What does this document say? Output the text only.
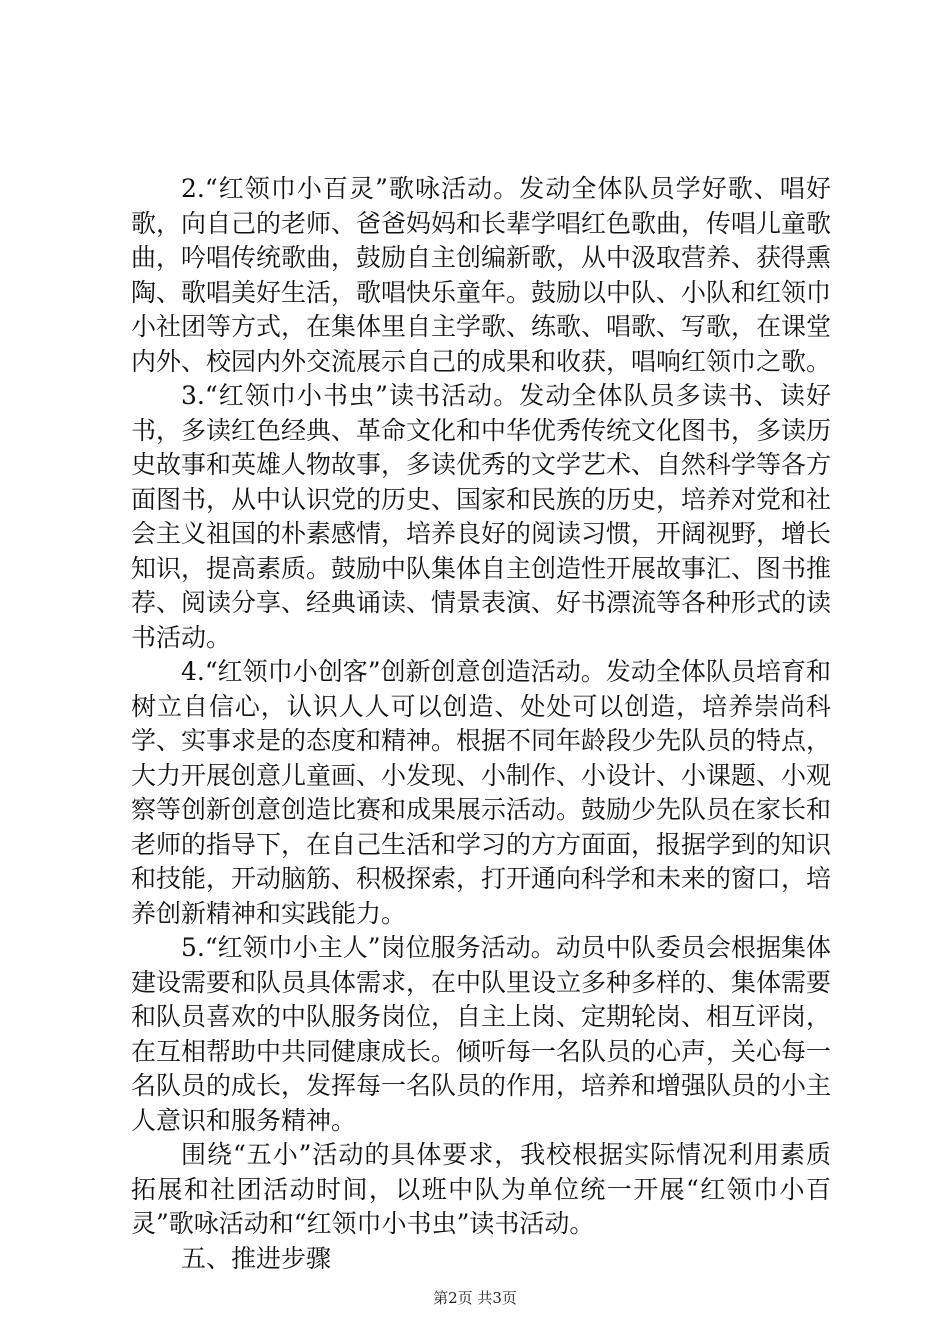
2.“红领巾小百灵”歌咏活动。发动全体队员学好歌、唱好歌，向自己的老师、爸爸妈妈和长辈学唱红色歌曲，传唱儿童歌曲，吟唱传统歌曲，鼓励自主创编新歌，从中汲取营养、获得熏陶、歌唱美好生活，歌唱快乐童年。鼓励以中队、小队和红领巾小社团等方式，在集体里自主学歌、练歌、唱歌、写歌，在课堂内外、校园内外交流展示自己的成果和收获，唱响红领巾之歌。

3.“红领巾小书虫”读书活动。发动全体队员多读书、读好书，多读红色经典、革命文化和中华优秀传统文化图书，多读历史故事和英雄人物故事，多读优秀的文学艺术、自然科学等各方面图书，从中认识党的历史、国家和民族的历史，培养对党和社会主义祖国的朴素感情，培养良好的阅读习惯，开阔视野，增长知识，提高素质。鼓励中队集体自主创造性开展故事汇、图书推荐、阅读分享、经典诵读、情景表演、好书漂流等各种形式的读书活动。

4.“红领巾小创客”创新创意创造活动。发动全体队员培育和树立自信心，认识人人可以创造、处处可以创造，培养崇尚科学、实事求是的态度和精神。根据不同年龄段少先队员的特点，大力开展创意儿童画、小发现、小制作、小设计、小课题、小观察等创新创意创造比赛和成果展示活动。鼓励少先队员在家长和老师的指导下，在自己生活和学习的方方面面，报据学到的知识和技能，开动脑筋、积极探索，打开通向科学和未来的窗口，培养创新精神和实践能力。

5.“红领巾小主人”岗位服务活动。动员中队委员会根据集体建设需要和队员具体需求，在中队里设立多种多样的、集体需要和队员喜欢的中队服务岗位，自主上岗、定期轮岗、相互评岗，在互相帮助中共同健康成长。倾听每一名队员的心声，关心每一名队员的成长，发挥每一名队员的作用，培养和增强队员的小主人意识和服务精神。

围绕“五小”活动的具体要求，我校根据实际情况利用素质拓展和社团活动时间，以班中队为单位统一开展“红领巾小百灵”歌咏活动和“红领巾小书虫”读书活动。

五、推进步骤

第2页 共3页
